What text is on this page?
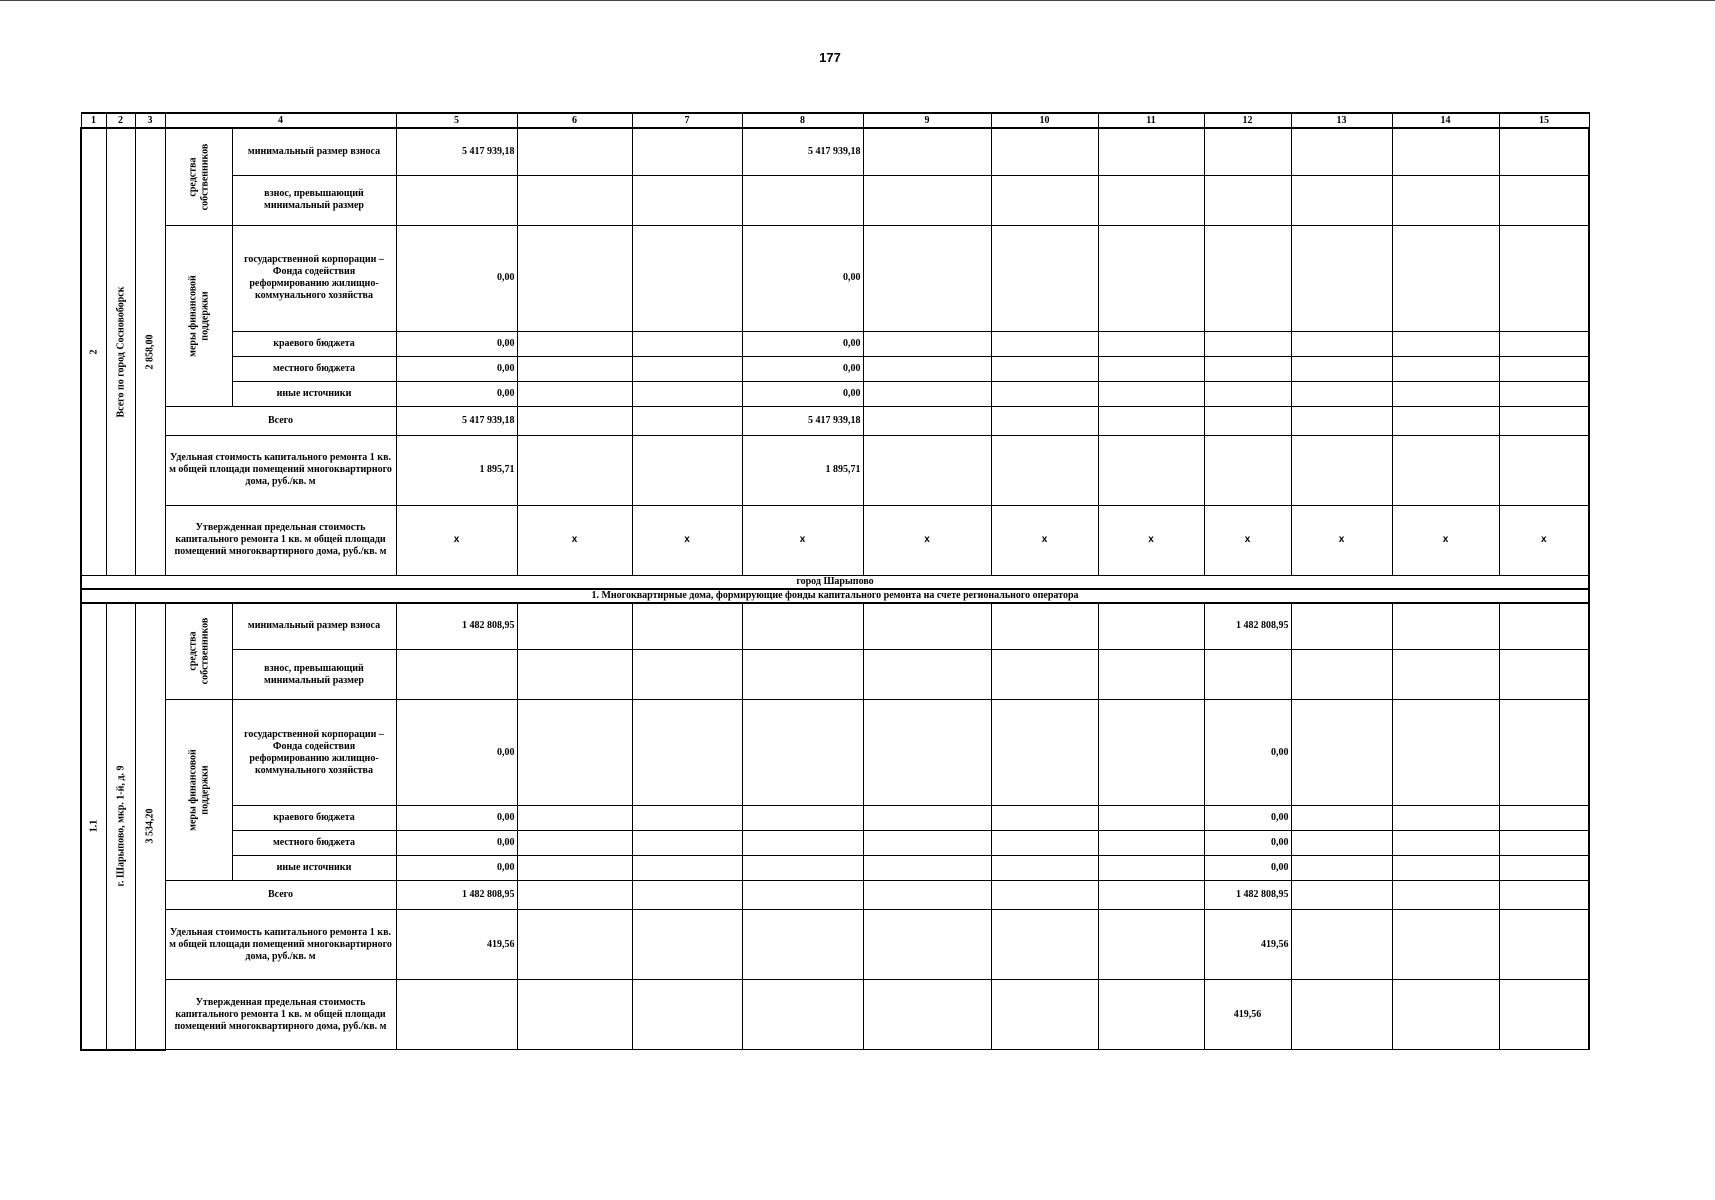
177
1	2	3	4		5	6	7	8	9	10	11	12	13	14	15

2	Всего по город Сосновоборск	2 858,00	средства собственников	минимальный размер взноса	5 417 939,18			5 417 939,18							
				взнос, превышающий минимальный размер											

			меры финансовой поддержки	государственной корпорации – Фонда содействия реформированию жилищно-коммунального хозяйства	0,00			0,00							
				краевого бюджета	0,00			0,00							
				местного бюджета	0,00			0,00							
				иные источники	0,00			0,00							
			Всего		5 417 939,18			5 417 939,18							
			Удельная стоимость капитального ремонта 1 кв. м общей площади помещений многоквартирного дома, руб./кв. м		1 895,71			1 895,71							
			Утвержденная предельная стоимость капитального ремонта 1 кв. м общей площади помещений многоквартирного дома, руб./кв. м		х	х	х	х	х	х	х	х	х	х	х
город Шарыпово															
1. Многоквартирные дома, формирующие фонды капитального ремонта на счете регионального оператора															

1.1	г. Шарыпово, мкр. 1-й, д. 9	3 534,20	средства собственников	минимальный размер взноса	1 482 808,95							1 482 808,95			
				взнос, превышающий минимальный размер											

			меры финансовой поддержки	государственной корпорации – Фонда содействия реформированию жилищно-коммунального хозяйства	0,00							0,00			
				краевого бюджета	0,00							0,00			
				местного бюджета	0,00							0,00			
				иные источники	0,00							0,00			
			Всего		1 482 808,95							1 482 808,95			
			Удельная стоимость капитального ремонта 1 кв. м общей площади помещений многоквартирного дома, руб./кв. м		419,56							419,56			
			Утвержденная предельная стоимость капитального ремонта 1 кв. м общей площади помещений многоквартирного дома, руб./кв. м									419,56			
